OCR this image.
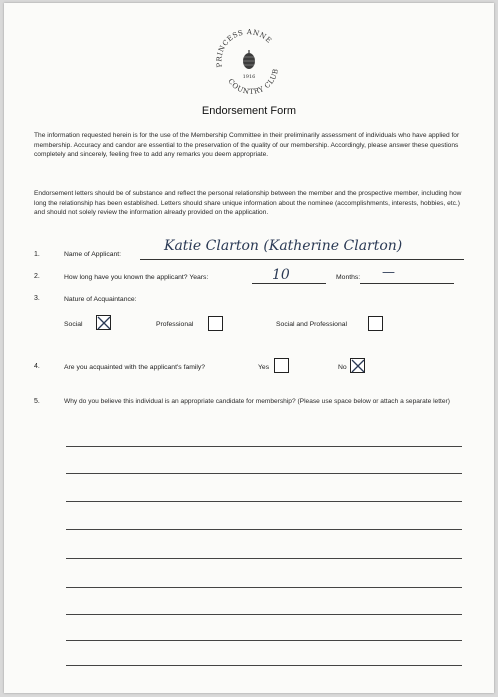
PRINCESS ANNE
COUNTRY CLUB
1916
Endorsement Form
The information requested herein is for the use of the Membership Committee in their preliminarily assessment of individuals who have applied for membership. Accuracy and candor are essential to the preservation of the quality of our membership. Accordingly, please answer these questions completely and sincerely, feeling free to add any remarks you deem appropriate.
Endorsement letters should be of substance and reflect the personal relationship between the member and the prospective member, including how long the relationship has been established. Letters should share unique information about the nominee (accomplishments, interests, hobbies, etc.) and should not solely review the information already provided on the application.
1.	Name of Applicant:
Katie Clarton (Katherine Clarton)
2.	How long have you known the applicant? Years:	10	Months: —
3.	Nature of Acquaintance:
Social	Professional	Social and Professional
4.	Are you acquainted with the applicant's family?	Yes	No
5.	Why do you believe this individual is an appropriate candidate for membership? (Please use space below or attach a separate letter)
